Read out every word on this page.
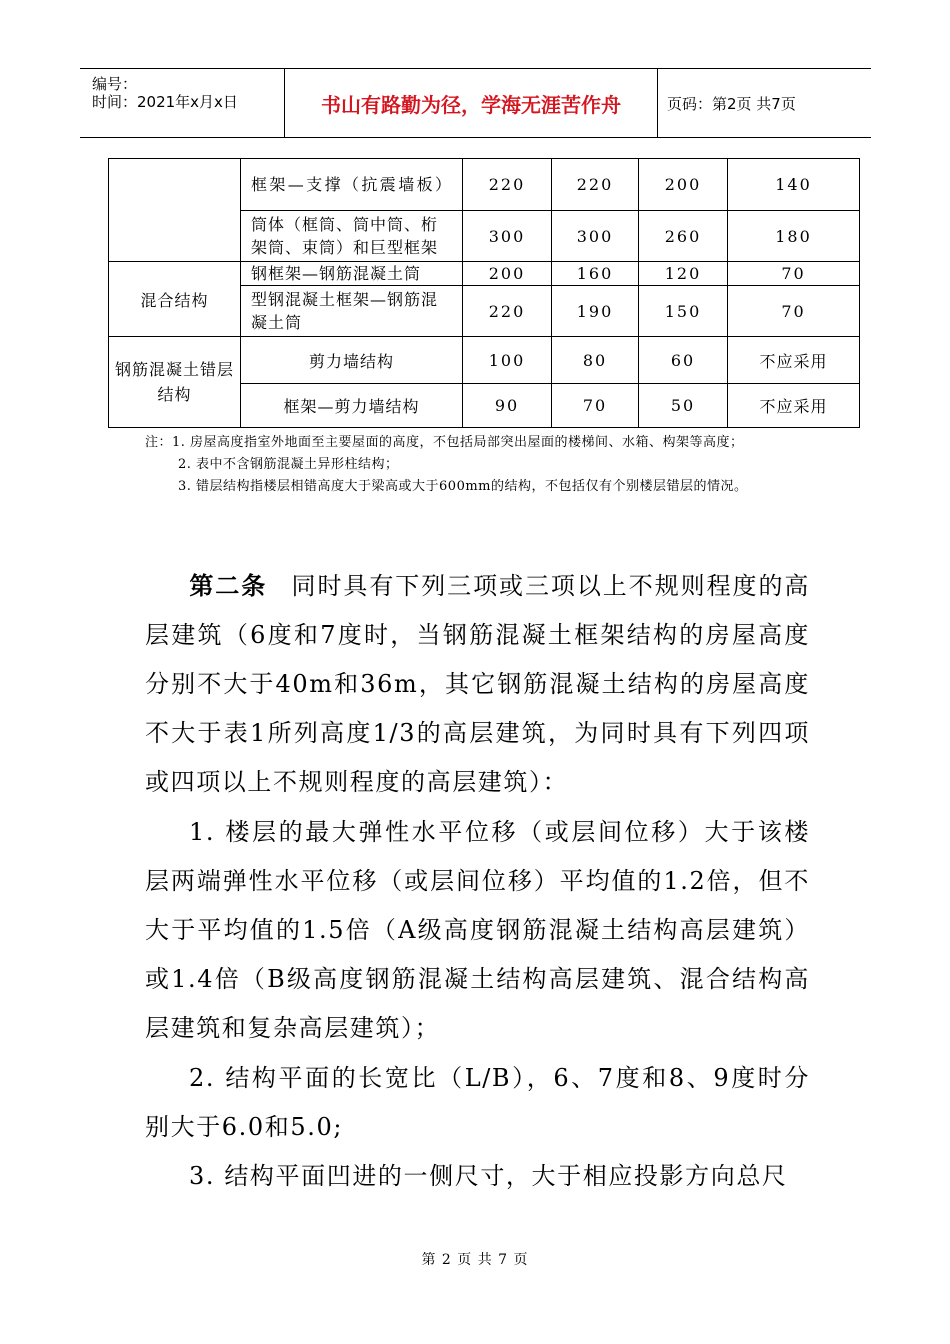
编号：
时间：2021年x月x日	书山有路勤为径，学海无涯苦作舟	页码：第2页 共7页
	框架—支撑（抗震墙板）	220	220	200	140
	筒体（框筒、筒中筒、桁架筒、束筒）和巨型框架	300	300	260	180
混合结构	钢框架—钢筋混凝土筒	200	160	120	70
	型钢混凝土框架—钢筋混凝土筒	220	190	150	70
钢筋混凝土错层结构	剪力墙结构	100	80	60	不应采用
	框架—剪力墙结构	90	70	50	不应采用

注：1. 房屋高度指室外地面至主要屋面的高度，不包括局部突出屋面的楼梯间、水箱、构架等高度；

2. 表中不含钢筋混凝土异形柱结构；

3. 错层结构指楼层相错高度大于梁高或大于600mm的结构，不包括仅有个别楼层错层的情况。

第二条 同时具有下列三项或三项以上不规则程度的高层建筑（6度和7度时，当钢筋混凝土框架结构的房屋高度分别不大于40m和36m，其它钢筋混凝土结构的房屋高度不大于表1所列高度1/3的高层建筑，为同时具有下列四项或四项以上不规则程度的高层建筑）：

1. 楼层的最大弹性水平位移（或层间位移）大于该楼层两端弹性水平位移（或层间位移）平均值的1.2倍，但不大于平均值的1.5倍（A级高度钢筋混凝土结构高层建筑）或1.4倍（B级高度钢筋混凝土结构高层建筑、混合结构高层建筑和复杂高层建筑）；

2. 结构平面的长宽比（L/B），6、7度和8、9度时分别大于6.0和5.0;

3. 结构平面凹进的一侧尺寸，大于相应投影方向总尺

第 2 页 共 7 页
